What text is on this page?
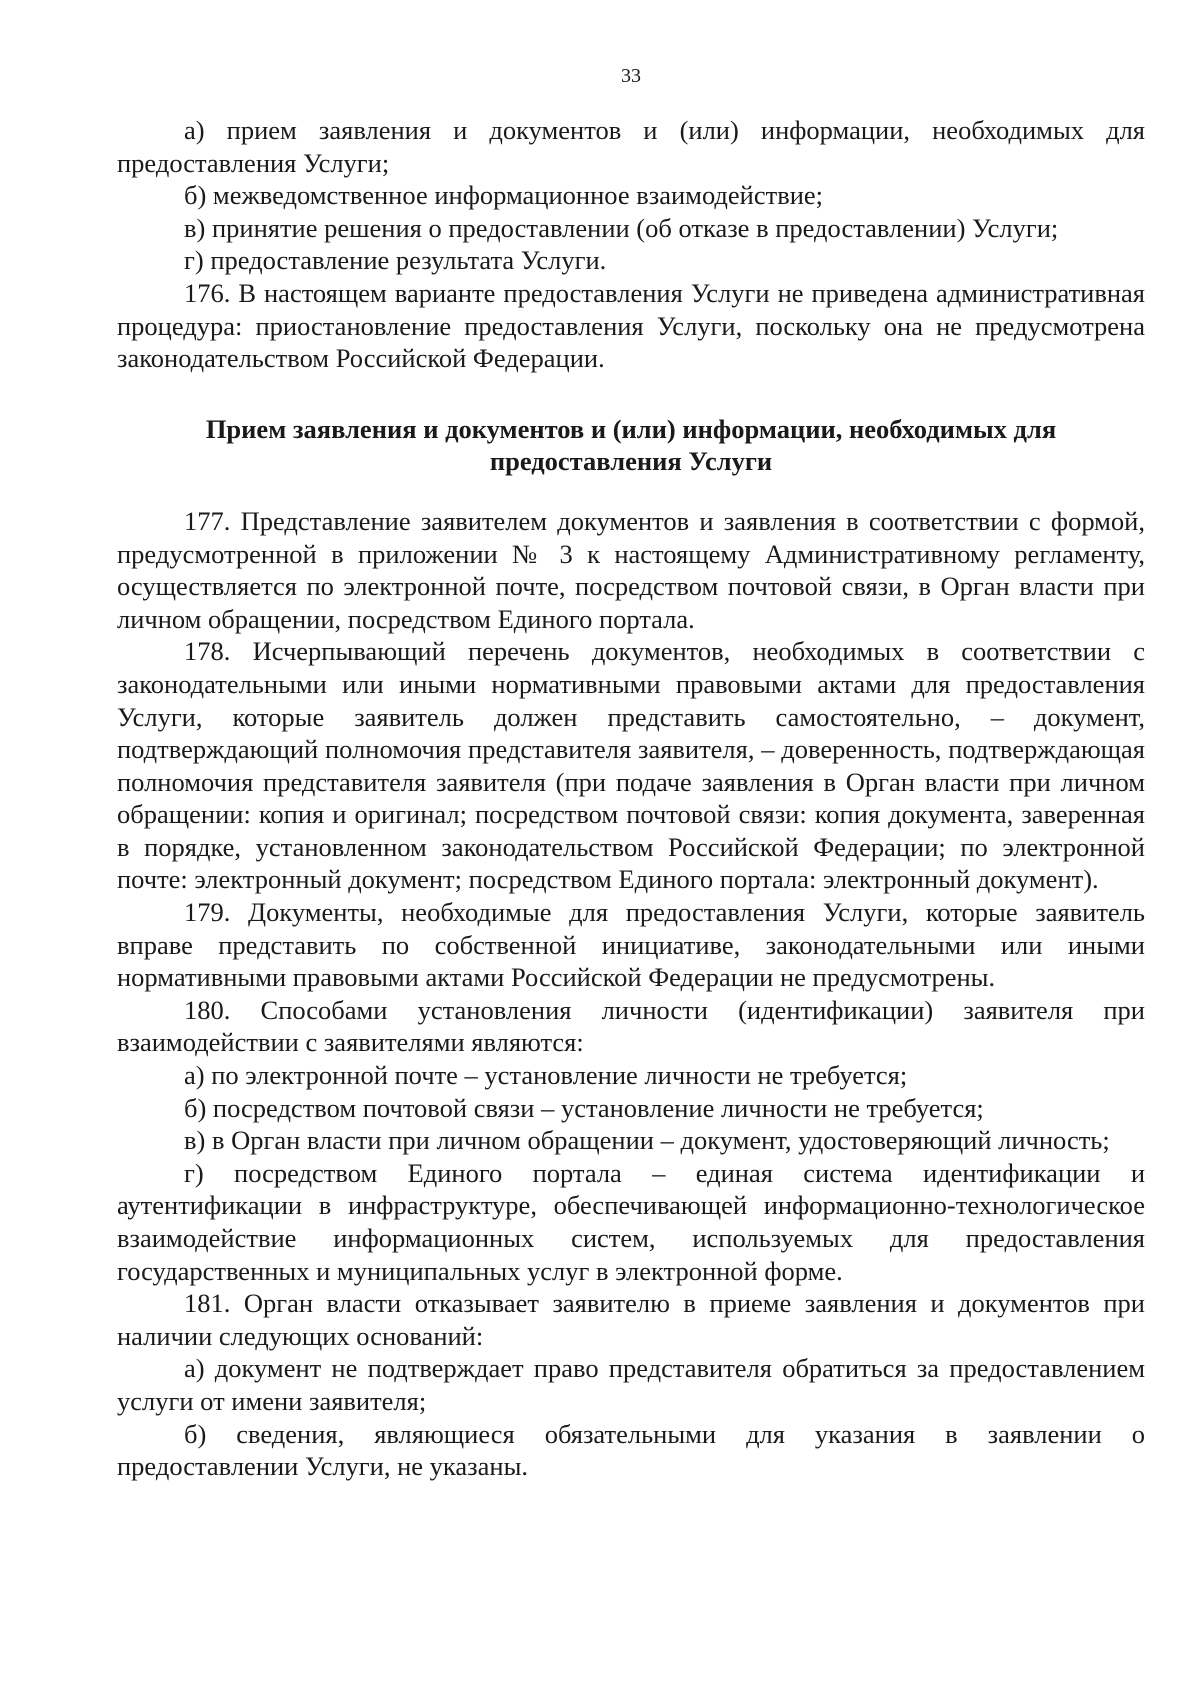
33

а) прием заявления и документов и (или) информации, необходимых для предоставления Услуги;

б) межведомственное информационное взаимодействие;

в) принятие решения о предоставлении (об отказе в предоставлении) Услуги;

г) предоставление результата Услуги.

176. В настоящем варианте предоставления Услуги не приведена административная процедура: приостановление предоставления Услуги, поскольку она не предусмотрена законодательством Российской Федерации.

Прием заявления и документов и (или) информации, необходимых для предоставления Услуги

177. Представление заявителем документов и заявления в соответствии с формой, предусмотренной в приложении № 3 к настоящему Административному регламенту, осуществляется по электронной почте, посредством почтовой связи, в Орган власти при личном обращении, посредством Единого портала.

178. Исчерпывающий перечень документов, необходимых в соответствии с законодательными или иными нормативными правовыми актами для предоставления Услуги, которые заявитель должен представить самостоятельно, – документ, подтверждающий полномочия представителя заявителя, – доверенность, подтверждающая полномочия представителя заявителя (при подаче заявления в Орган власти при личном обращении: копия и оригинал; посредством почтовой связи: копия документа, заверенная в порядке, установленном законодательством Российской Федерации; по электронной почте: электронный документ; посредством Единого портала: электронный документ).

179. Документы, необходимые для предоставления Услуги, которые заявитель вправе представить по собственной инициативе, законодательными или иными нормативными правовыми актами Российской Федерации не предусмотрены.

180. Способами установления личности (идентификации) заявителя при взаимодействии с заявителями являются:

а) по электронной почте – установление личности не требуется;

б) посредством почтовой связи – установление личности не требуется;

в) в Орган власти при личном обращении – документ, удостоверяющий личность;

г) посредством Единого портала – единая система идентификации и аутентификации в инфраструктуре, обеспечивающей информационно-технологическое взаимодействие информационных систем, используемых для предоставления государственных и муниципальных услуг в электронной форме.

181. Орган власти отказывает заявителю в приеме заявления и документов при наличии следующих оснований:

а) документ не подтверждает право представителя обратиться за предоставлением услуги от имени заявителя;

б) сведения, являющиеся обязательными для указания в заявлении о предоставлении Услуги, не указаны.
